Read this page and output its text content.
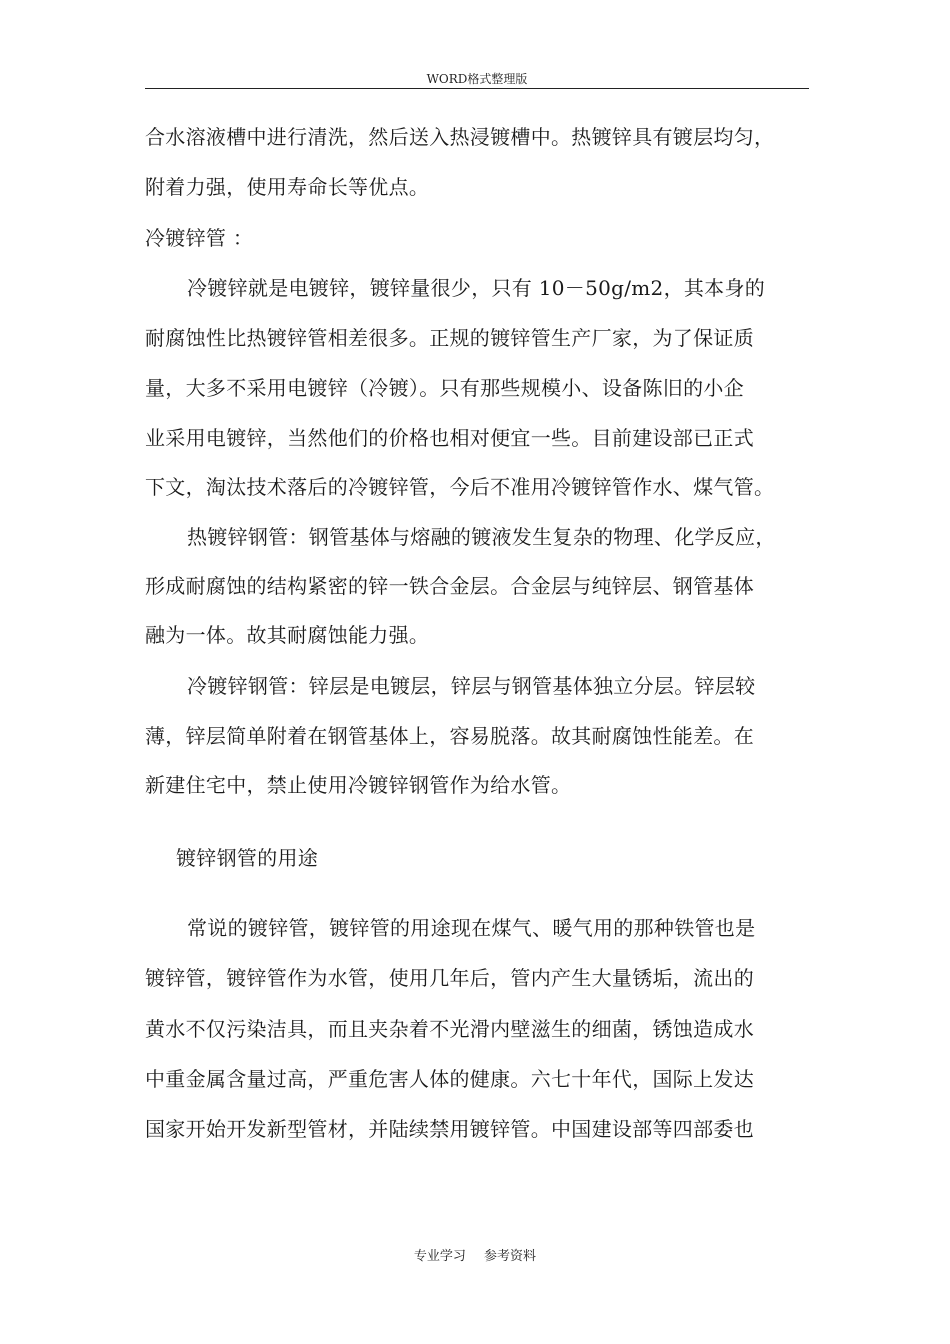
WORD格式整理版
合水溶液槽中进行清洗，然后送入热浸镀槽中。热镀锌具有镀层均匀，
附着力强，使用寿命长等优点。
冷镀锌管 ：
冷镀锌就是电镀锌，镀锌量很少，只有 10－50g/m2，其本身的
耐腐蚀性比热镀锌管相差很多。正规的镀锌管生产厂家，为了保证质
量，大多不采用电镀锌（冷镀）。只有那些规模小、设备陈旧的小企
业采用电镀锌，当然他们的价格也相对便宜一些。目前建设部已正式
下文，淘汰技术落后的冷镀锌管，今后不准用冷镀锌管作水、煤气管。
热镀锌钢管：钢管基体与熔融的镀液发生复杂的物理、化学反应，
形成耐腐蚀的结构紧密的锌一铁合金层。合金层与纯锌层、钢管基体
融为一体。故其耐腐蚀能力强。
冷镀锌钢管：锌层是电镀层，锌层与钢管基体独立分层。锌层较
薄，锌层简单附着在钢管基体上，容易脱落。故其耐腐蚀性能差。在
新建住宅中，禁止使用冷镀锌钢管作为给水管。
镀锌钢管的用途
常说的镀锌管，镀锌管的用途现在煤气、暖气用的那种铁管也是
镀锌管，镀锌管作为水管，使用几年后，管内产生大量锈垢，流出的
黄水不仅污染洁具，而且夹杂着不光滑内壁滋生的细菌，锈蚀造成水
中重金属含量过高，严重危害人体的健康。六七十年代，国际上发达
国家开始开发新型管材，并陆续禁用镀锌管。中国建设部等四部委也
专业学习 参考资料
